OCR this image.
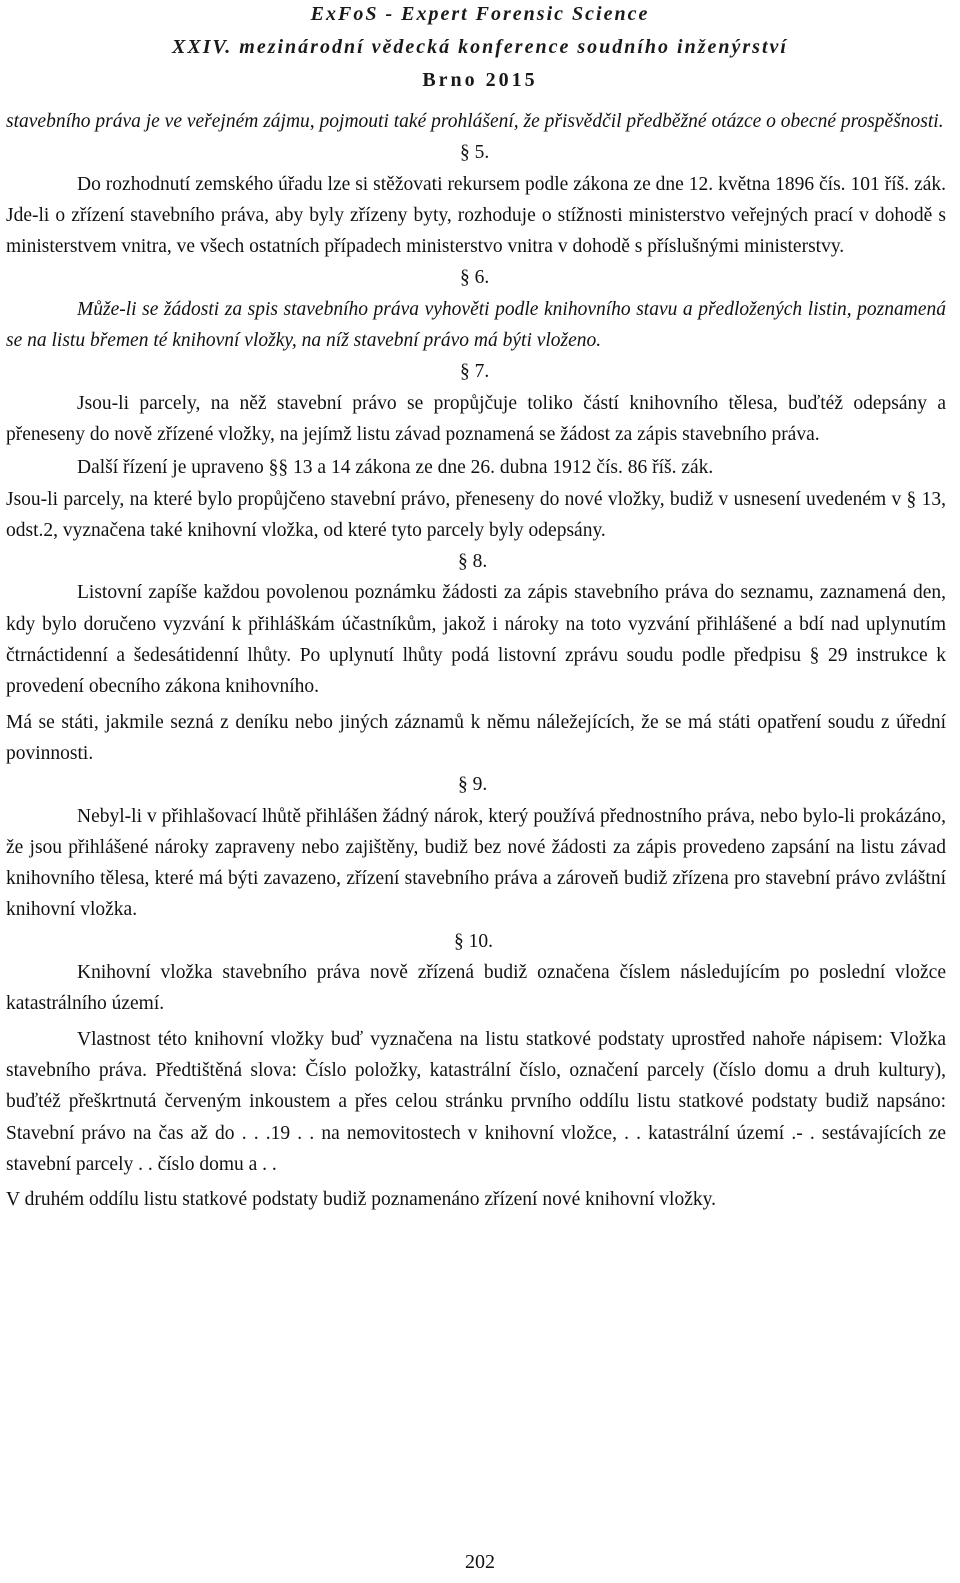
ExFoS - Expert Forensic Science
XXIV. mezinárodní vědecká konference soudního inženýrství
Brno 2015

stavebního práva je ve veřejném zájmu, pojmouti také prohlášení, že přisvědčil předběžné otázce o obecné prospěšnosti.

§ 5.

Do rozhodnutí zemského úřadu lze si stěžovati rekursem podle zákona ze dne 12. května 1896 čís. 101 říš. zák. Jde-li o zřízení stavebního práva, aby byly zřízeny byty, rozhoduje o stížnosti ministerstvo veřejných prací v dohodě s ministerstvem vnitra, ve všech ostatních případech ministerstvo vnitra v dohodě s příslušnými ministerstvy.

§ 6.

Může-li se žádosti za spis stavebního práva vyhověti podle knihovního stavu a předložených listin, poznamená se na listu břemen té knihovní vložky, na níž stavební právo má býti vloženo.

§ 7.

Jsou-li parcely, na něž stavební právo se propůjčuje toliko částí knihovního tělesa, buďtéž odepsány a přeneseny do nově zřízené vložky, na jejímž listu závad poznamená se žádost za zápis stavebního práva.

Další řízení je upraveno §§ 13 a 14 zákona ze dne 26. dubna 1912 čís. 86 říš. zák.

Jsou-li parcely, na které bylo propůjčeno stavební právo, přeneseny do nové vložky, budiž v usnesení uvedeném v § 13, odst.2, vyznačena také knihovní vložka, od které tyto parcely byly odepsány.

§ 8.

Listovní zapíše každou povolenou poznámku žádosti za zápis stavebního práva do seznamu, zaznamená den, kdy bylo doručeno vyzvání k přihláškám účastníkům, jakož i nároky na toto vyzvání přihlášené a bdí nad uplynutím čtrnáctidenní a šedesátidenní lhůty. Po uplynutí lhůty podá listovní zprávu soudu podle předpisu § 29 instrukce k provedení obecního zákona knihovního.

Má se státi, jakmile sezná z deníku nebo jiných záznamů k němu náležejících, že se má státi opatření soudu z úřední povinnosti.

§ 9.

Nebyl-li v přihlašovací lhůtě přihlášen žádný nárok, který používá přednostního práva, nebo bylo-li prokázáno, že jsou přihlášené nároky zapraveny nebo zajištěny, budiž bez nové žádosti za zápis provedeno zapsání na listu závad knihovního tělesa, které má býti zavazeno, zřízení stavebního práva a zároveň budiž zřízena pro stavební právo zvláštní knihovní vložka.

§ 10.

Knihovní vložka stavebního práva nově zřízená budiž označena číslem následujícím po poslední vložce katastrálního území.

Vlastnost této knihovní vložky buď vyznačena na listu statkové podstaty uprostřed nahoře nápisem: Vložka stavebního práva. Předtištěná slova: Číslo položky, katastrální číslo, označení parcely (číslo domu a druh kultury), buďtéž přeškrtnutá červeným inkoustem a přes celou stránku prvního oddílu listu statkové podstaty budiž napsáno: Stavební právo na čas až do . . .19 . . na nemovitostech v knihovní vložce, . . katastrální území .- . sestávajících ze stavební parcely . . číslo domu a . .

V druhém oddílu listu statkové podstaty budiž poznamenáno zřízení nové knihovní vložky.

202
